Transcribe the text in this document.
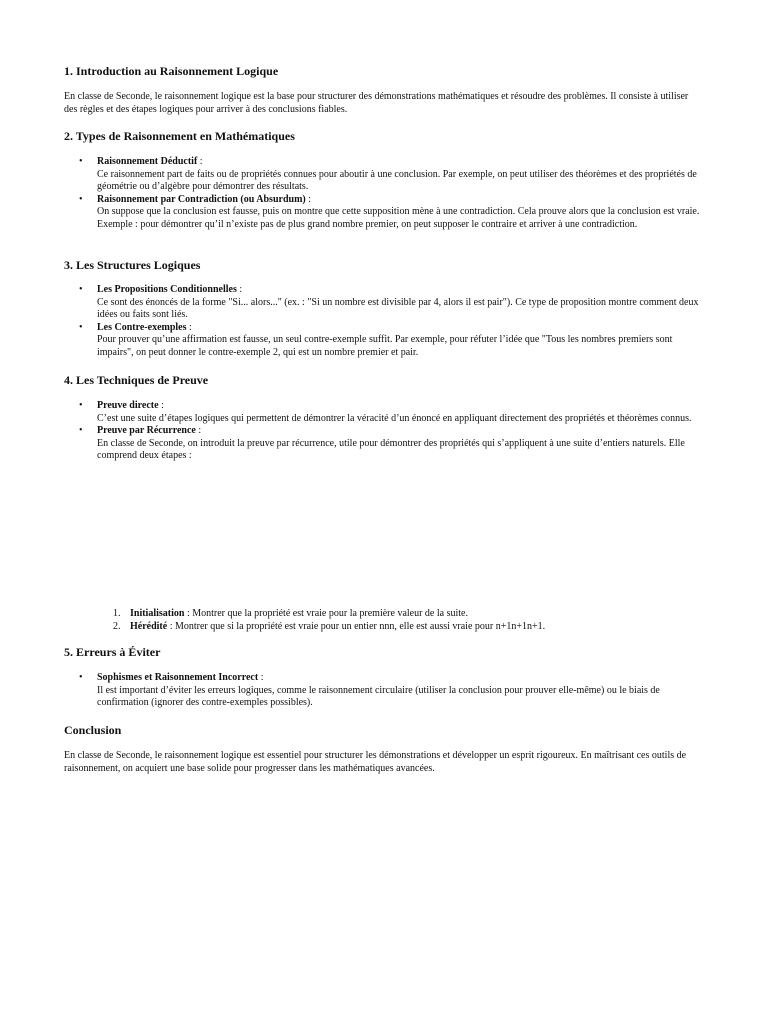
1. Introduction au Raisonnement Logique

En classe de Seconde, le raisonnement logique est la base pour structurer des démonstrations mathématiques et résoudre des problèmes. Il consiste à utiliser des règles et des étapes logiques pour arriver à des conclusions fiables.

2. Types de Raisonnement en Mathématiques
• Raisonnement Déductif :
Ce raisonnement part de faits ou de propriétés connues pour aboutir à une conclusion. Par exemple, on peut utiliser des théorèmes et des propriétés de géométrie ou d’algèbre pour démontrer des résultats.
• Raisonnement par Contradiction (ou Absurdum) :
On suppose que la conclusion est fausse, puis on montre que cette supposition mène à une contradiction. Cela prouve alors que la conclusion est vraie. Exemple : pour démontrer qu’il n’existe pas de plus grand nombre premier, on peut supposer le contraire et arriver à une contradiction.
3. Les Structures Logiques
• Les Propositions Conditionnelles :
Ce sont des énoncés de la forme "Si... alors..." (ex. : "Si un nombre est divisible par 4, alors il est pair"). Ce type de proposition montre comment deux idées ou faits sont liés.
• Les Contre-exemples :
Pour prouver qu’une affirmation est fausse, un seul contre-exemple suffit. Par exemple, pour réfuter l’idée que "Tous les nombres premiers sont impairs", on peut donner le contre-exemple 2, qui est un nombre premier et pair.
4. Les Techniques de Preuve
• Preuve directe :
C’est une suite d’étapes logiques qui permettent de démontrer la véracité d’un énoncé en appliquant directement des propriétés et théorèmes connus.
• Preuve par Récurrence :
En classe de Seconde, on introduit la preuve par récurrence, utile pour démontrer des propriétés qui s’appliquent à une suite d’entiers naturels. Elle comprend deux étapes :
1. Initialisation : Montrer que la propriété est vraie pour la première valeur de la suite.
2. Hérédité : Montrer que si la propriété est vraie pour un entier nnn, elle est aussi vraie pour n+1n+1n+1.
5. Erreurs à Éviter
• Sophismes et Raisonnement Incorrect :
Il est important d’éviter les erreurs logiques, comme le raisonnement circulaire (utiliser la conclusion pour prouver elle-même) ou le biais de confirmation (ignorer des contre-exemples possibles).
Conclusion

En classe de Seconde, le raisonnement logique est essentiel pour structurer les démonstrations et développer un esprit rigoureux. En maîtrisant ces outils de raisonnement, on acquiert une base solide pour progresser dans les mathématiques avancées.
